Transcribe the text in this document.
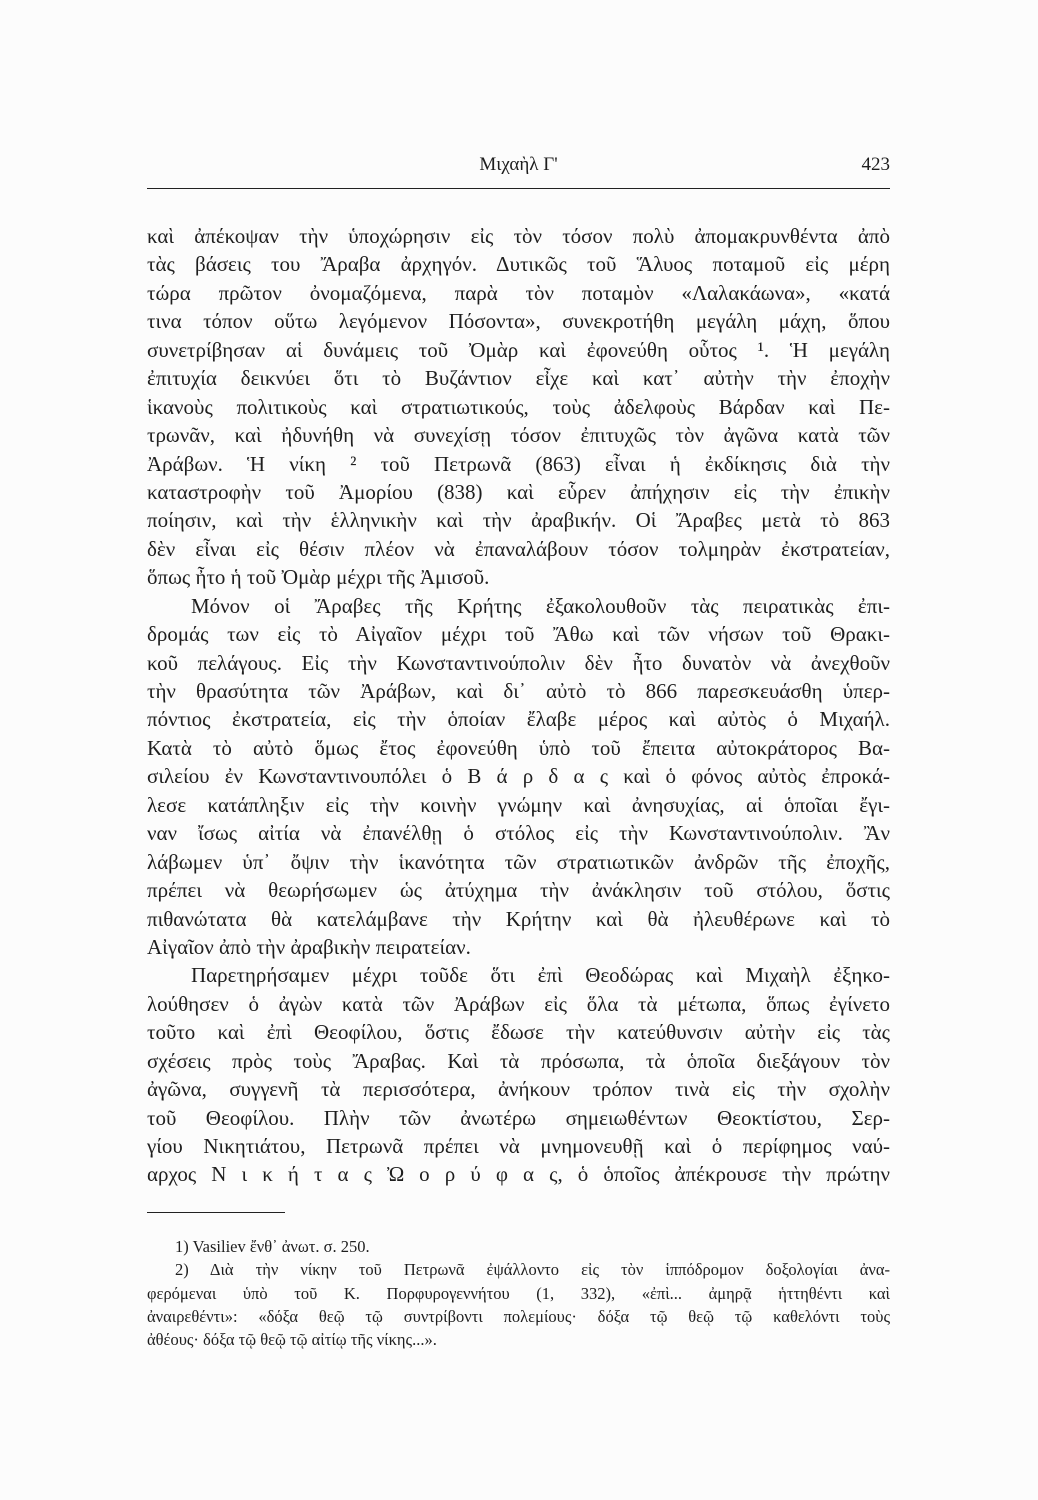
Μιχαὴλ Γ'	423
καὶ ἀπέκοψαν τὴν ὑποχώρησιν εἰς τὸν τόσον πολὺ ἀπομακρυνθέντα ἀπὸ
τὰς βάσεις του Ἄραβα ἀρχηγόν. Δυτικῶς τοῦ Ἅλυος ποταμοῦ εἰς μέρη
τώρα πρῶτον ὀνομαζόμενα, παρὰ τὸν ποταμὸν «Λαλακάωνα», «κατά
τινα τόπον οὕτω λεγόμενον Πόσοντα», συνεκροτήθη μεγάλη μάχη, ὅπου
συνετρίβησαν αἱ δυνάμεις τοῦ Ὀμὰρ καὶ ἐφονεύθη οὗτος ¹. Ἡ μεγάλη
ἐπιτυχία δεικνύει ὅτι τὸ Βυζάντιον εἶχε καὶ κατ᾽ αὐτὴν τὴν ἐποχὴν
ἱκανοὺς πολιτικοὺς καὶ στρατιωτικούς, τοὺς ἀδελφοὺς Βάρδαν καὶ Πε-
τρωνᾶν, καὶ ἠδυνήθη νὰ συνεχίσῃ τόσον ἐπιτυχῶς τὸν ἀγῶνα κατὰ τῶν
Ἀράβων. Ἡ νίκη ² τοῦ Πετρωνᾶ (863) εἶναι ἡ ἐκδίκησις διὰ τὴν
καταστροφὴν τοῦ Ἀμορίου (838) καὶ εὗρεν ἀπήχησιν εἰς τὴν ἐπικὴν
ποίησιν, καὶ τὴν ἑλληνικὴν καὶ τὴν ἀραβικήν. Οἱ Ἄραβες μετὰ τὸ 863
δὲν εἶναι εἰς θέσιν πλέον νὰ ἐπαναλάβουν τόσον τολμηρὰν ἐκστρατείαν,
ὅπως ἦτο ἡ τοῦ Ὀμὰρ μέχρι τῆς Ἀμισοῦ.
Μόνον οἱ Ἄραβες τῆς Κρήτης ἐξακολουθοῦν τὰς πειρατικὰς ἐπι-
δρομάς των εἰς τὸ Αἰγαῖον μέχρι τοῦ Ἄθω καὶ τῶν νήσων τοῦ Θρακι-
κοῦ πελάγους. Εἰς τὴν Κωνσταντινούπολιν δὲν ἦτο δυνατὸν νὰ ἀνεχθοῦν
τὴν θρασύτητα τῶν Ἀράβων, καὶ δι᾽ αὐτὸ τὸ 866 παρεσκευάσθη ὑπερ-
πόντιος ἐκστρατεία, εἰς τὴν ὁποίαν ἔλαβε μέρος καὶ αὐτὸς ὁ Μιχαήλ.
Κατὰ τὸ αὐτὸ ὅμως ἔτος ἐφονεύθη ὑπὸ τοῦ ἔπειτα αὐτοκράτορος Βα-
σιλείου ἐν Κωνσταντινουπόλει ὁ Β ά ρ δ α ς καὶ ὁ φόνος αὐτὸς ἐπροκά-
λεσε κατάπληξιν εἰς τὴν κοινὴν γνώμην καὶ ἀνησυχίας, αἱ ὁποῖαι ἔγι-
ναν ἴσως αἰτία νὰ ἐπανέλθῃ ὁ στόλος εἰς τὴν Κωνσταντινούπολιν. Ἂν
λάβωμεν ὑπ᾽ ὄψιν τὴν ἱκανότητα τῶν στρατιωτικῶν ἀνδρῶν τῆς ἐποχῆς,
πρέπει νὰ θεωρήσωμεν ὡς ἀτύχημα τὴν ἀνάκλησιν τοῦ στόλου, ὅστις
πιθανώτατα θὰ κατελάμβανε τὴν Κρήτην καὶ θὰ ἠλευθέρωνε καὶ τὸ
Αἰγαῖον ἀπὸ τὴν ἀραβικὴν πειρατείαν.
Παρετηρήσαμεν μέχρι τοῦδε ὅτι ἐπὶ Θεοδώρας καὶ Μιχαὴλ ἐξηκο-
λούθησεν ὁ ἀγὼν κατὰ τῶν Ἀράβων εἰς ὅλα τὰ μέτωπα, ὅπως ἐγίνετο
τοῦτο καὶ ἐπὶ Θεοφίλου, ὅστις ἔδωσε τὴν κατεύθυνσιν αὐτὴν εἰς τὰς
σχέσεις πρὸς τοὺς Ἄραβας. Καὶ τὰ πρόσωπα, τὰ ὁποῖα διεξάγουν τὸν
ἀγῶνα, συγγενῆ τὰ περισσότερα, ἀνήκουν τρόπον τινὰ εἰς τὴν σχολὴν
τοῦ Θεοφίλου. Πλὴν τῶν ἀνωτέρω σημειωθέντων Θεοκτίστου, Σερ-
γίου Νικητιάτου, Πετρωνᾶ πρέπει νὰ μνημονευθῇ καὶ ὁ περίφημος ναύ-
αρχος Ν ι κ ή τ α ς Ὠ ο ρ ύ φ α ς, ὁ ὁποῖος ἀπέκρουσε τὴν πρώτην
1) Vasiliev ἔνθ᾽ ἀνωτ. σ. 250.
2) Διὰ τὴν νίκην τοῦ Πετρωνᾶ ἐψάλλοντο εἰς τὸν ἱππόδρομον δοξολογίαι ἀνα-
φερόμεναι ὑπὸ τοῦ Κ. Πορφυρογεννήτου (1, 332), «ἐπὶ... ἀμηρᾷ ἡττηθέντι καὶ
ἀναιρεθέντι»: «δόξα θεῷ τῷ συντρίβοντι πολεμίους· δόξα τῷ θεῷ τῷ καθελόντι τοὺς
ἀθέους· δόξα τῷ θεῷ τῷ αἰτίῳ τῆς νίκης...».
